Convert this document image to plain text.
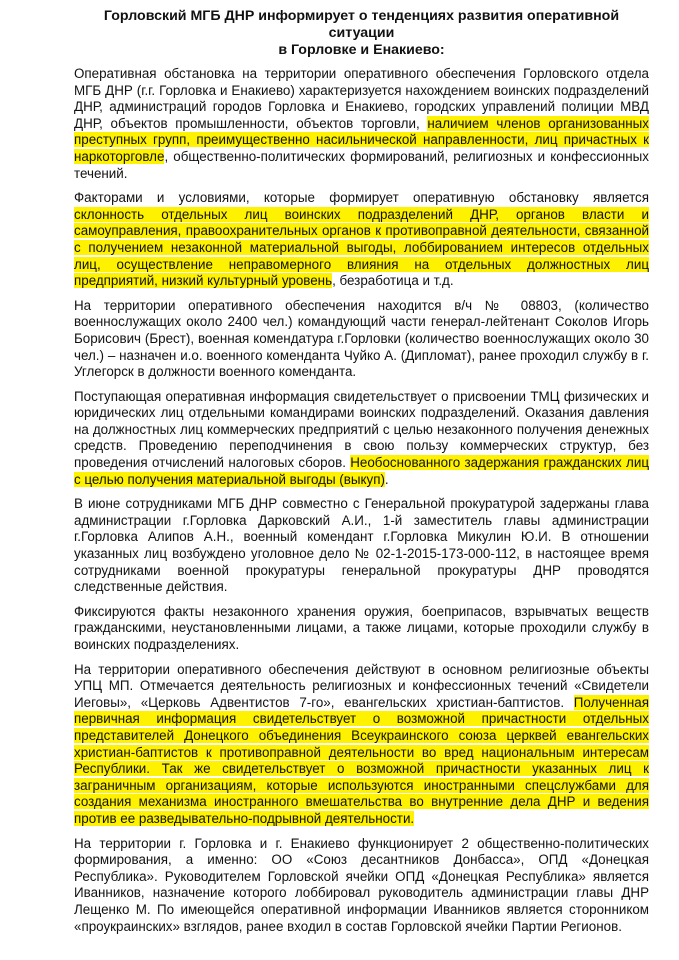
Горловский МГБ ДНР информирует о тенденциях развития оперативной ситуации
в Горловке и Енакиево:

Оперативная обстановка на территории оперативного обеспечения Горловского отдела МГБ ДНР (г.г. Горловка и Енакиево) характеризуется нахождением воинских подразделений ДНР, администраций городов Горловка и Енакиево, городских управлений полиции МВД ДНР, объектов промышленности, объектов торговли, наличием членов организованных преступных групп, преимущественно насильнической направленности, лиц причастных к наркоторговле, общественно-политических формирований, религиозных и конфессионных течений.

Факторами и условиями, которые формирует оперативную обстановку является склонность отдельных лиц воинских подразделений ДНР, органов власти и самоуправления, правоохранительных органов к противоправной деятельности, связанной с получением незаконной материальной выгоды, лоббированием интересов отдельных лиц, осуществление неправомерного влияния на отдельных должностных лиц предприятий, низкий культурный уровень, безработица и т.д.

На территории оперативного обеспечения находится в/ч № 08803, (количество военнослужащих около 2400 чел.) командующий части генерал-лейтенант Соколов Игорь Борисович (Брест), военная комендатура г.Горловки (количество военнослужащих около 30 чел.) – назначен и.о. военного коменданта Чуйко А. (Дипломат), ранее проходил службу в г. Углегорск в должности военного коменданта.

Поступающая оперативная информация свидетельствует о присвоении ТМЦ физических и юридических лиц отдельными командирами воинских подразделений. Оказания давления на должностных лиц коммерческих предприятий с целью незаконного получения денежных средств. Проведению переподчинения в свою пользу коммерческих структур, без проведения отчислений налоговых сборов. Необоснованного задержания гражданских лиц с целью получения материальной выгоды (выкуп).

В июне сотрудниками МГБ ДНР совместно с Генеральной прокуратурой задержаны глава администрации г.Горловка Дарковский А.И., 1-й заместитель главы администрации г.Горловка Алипов А.Н., военный комендант г.Горловка Микулин Ю.И. В отношении указанных лиц возбуждено уголовное дело № 02-1-2015-173-000-112, в настоящее время сотрудниками военной прокуратуры генеральной прокуратуры ДНР проводятся следственные действия.

Фиксируются факты незаконного хранения оружия, боеприпасов, взрывчатых веществ гражданскими, неустановленными лицами, а также лицами, которые проходили службу в воинских подразделениях.

На территории оперативного обеспечения действуют в основном религиозные объекты УПЦ МП. Отмечается деятельность религиозных и конфессионных течений «Свидетели Иеговы», «Церковь Адвентистов 7-го», евангельских христиан-баптистов. Полученная первичная информация свидетельствует о возможной причастности отдельных представителей Донецкого объединения Всеукраинского союза церквей евангельских христиан-баптистов к противоправной деятельности во вред национальным интересам Республики. Так же свидетельствует о возможной причастности указанных лиц к заграничным организациям, которые используются иностранными спецслужбами для создания механизма иностранного вмешательства во внутренние дела ДНР и ведения против ее разведывательно-подрывной деятельности.

На территории г. Горловка и г. Енакиево функционирует 2 общественно-политических формирования, а именно: ОО «Союз десантников Донбасса», ОПД «Донецкая Республика». Руководителем Горловской ячейки ОПД «Донецкая Республика» является Иванников, назначение которого лоббировал руководитель администрации главы ДНР Лещенко М. По имеющейся оперативной информации Иванников является сторонником «проукраинских» взглядов, ранее входил в состав Горловской ячейки Партии Регионов.
